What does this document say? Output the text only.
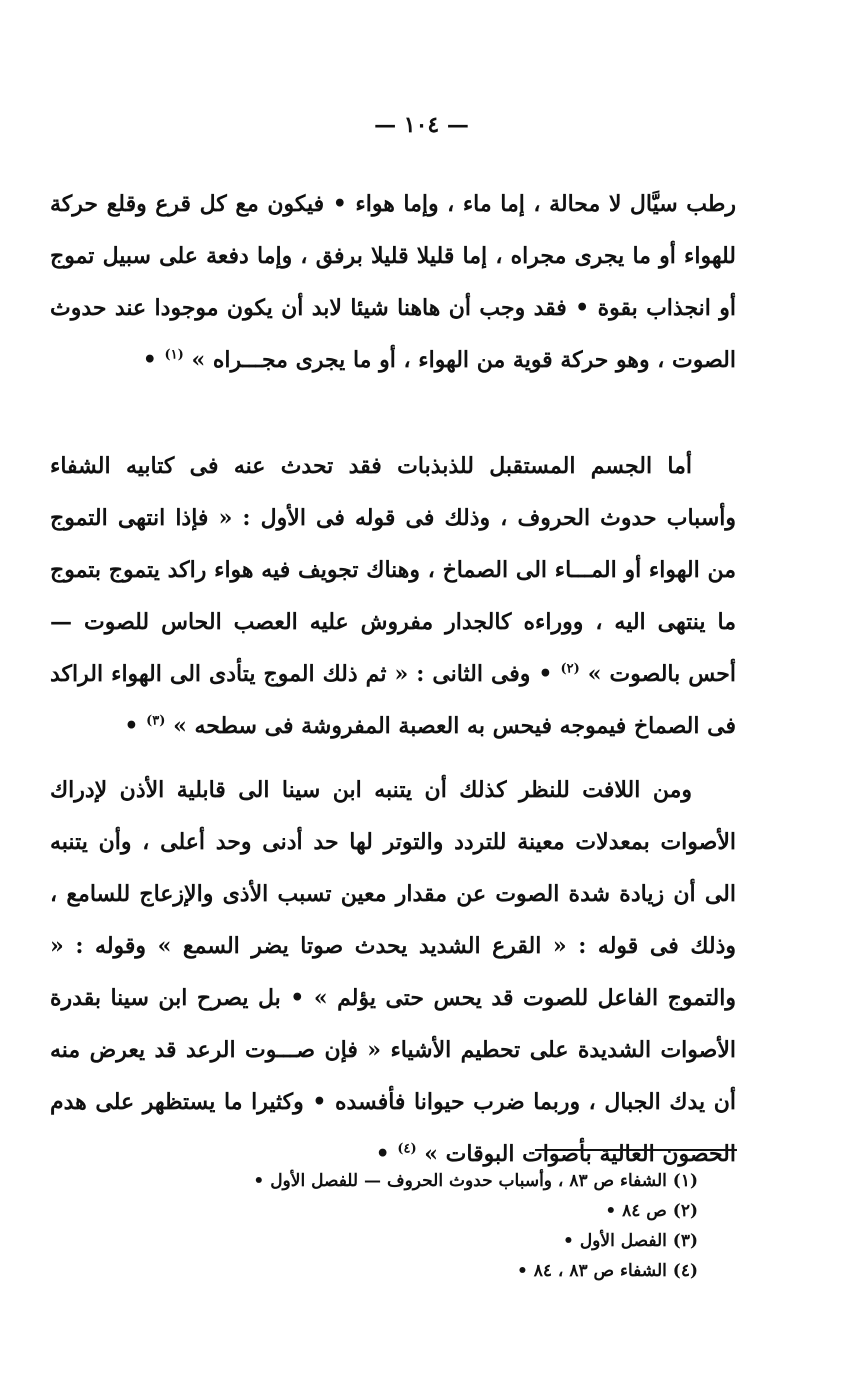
— ١٠٤ —

رطب سيَّال لا محالة ، إما ماء ، وإما هواء • فيكون مع كل قرع وقلع حركة للهواء أو ما يجرى مجراه ، إما قليلا قليلا برفق ، وإما دفعة على سبيل تموج أو انجذاب بقوة • فقد وجب أن هاهنا شيئا لابد أن يكون موجودا عند حدوث الصوت ، وهو حركة قوية من الهواء ، أو ما يجرى مجـــراه » $^{(١)}$ •

أما الجسم المستقبل للذبذبات فقد تحدث عنه فى كتابيه الشفاء وأسباب حدوث الحروف ، وذلك فى قوله فى الأول : « فإذا انتهى التموج من الهواء أو المـــاء الى الصماخ ، وهناك تجويف فيه هواء راكد يتموج بتموج ما ينتهى اليه ، ووراءه كالجدار مفروش عليه العصب الحاس للصوت — أحس بالصوت » $^{(٢)}$ • وفى الثانى : « ثم ذلك الموج يتأدى الى الهواء الراكد فى الصماخ فيموجه فيحس به العصبة المفروشة فى سطحه » $^{(٣)}$ •

ومن اللافت للنظر كذلك أن يتنبه ابن سينا الى قابلية الأذن لإدراك الأصوات بمعدلات معينة للتردد والتوتر لها حد أدنى وحد أعلى ، وأن يتنبه الى أن زيادة شدة الصوت عن مقدار معين تسبب الأذى والإزعاج للسامع ، وذلك فى قوله : « القرع الشديد يحدث صوتا يضر السمع » وقوله : « والتموج الفاعل للصوت قد يحس حتى يؤلم » • بل يصرح ابن سينا بقدرة الأصوات الشديدة على تحطيم الأشياء « فإن صـــوت الرعد قد يعرض منه أن يدك الجبال ، وربما ضرب حيوانا فأفسده • وكثيرا ما يستظهر على هدم الحصون العالية بأصوات البوقات » $^{(٤)}$ •

(١) الشفاء ص ٨٣ ، وأسباب حدوث الحروف — للفصل الأول •

(٢) ص ٨٤ •

(٣) الفصل الأول •

(٤) الشفاء ص ٨٣ ، ٨٤ •
